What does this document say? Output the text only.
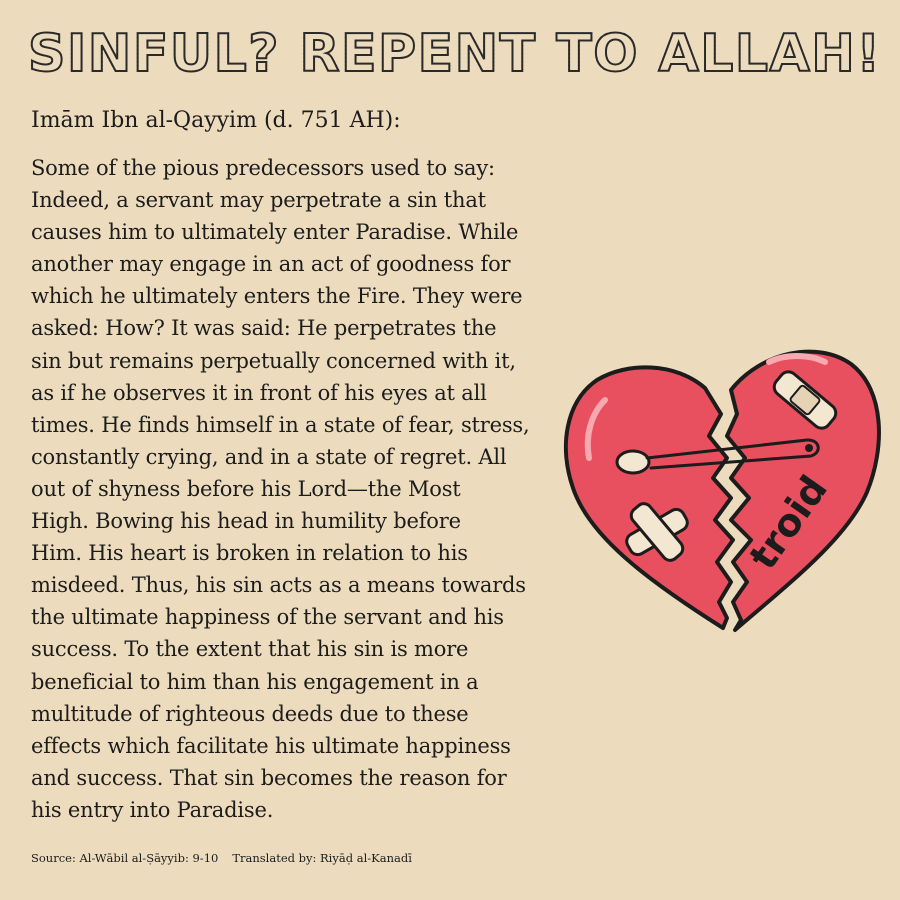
SINFUL? REPENT TO ALLAH!
Imām Ibn al-Qayyim (d. 751 AH):
Some of the pious predecessors used to say:
Indeed, a servant may perpetrate a sin that
causes him to ultimately enter Paradise. While
another may engage in an act of goodness for
which he ultimately enters the Fire. They were
asked: How? It was said: He perpetrates the
sin but remains perpetually concerned with it,
as if he observes it in front of his eyes at all
times. He finds himself in a state of fear, stress,
constantly crying, and in a state of regret. All
out of shyness before his Lord—the Most
High. Bowing his head in humility before
Him. His heart is broken in relation to his
misdeed. Thus, his sin acts as a means towards
the ultimate happiness of the servant and his
success. To the extent that his sin is more
beneficial to him than his engagement in a
multitude of righteous deeds due to these
effects which facilitate his ultimate happiness
and success. That sin becomes the reason for
his entry into Paradise.
Source: Al-Wābil al-Ṣāyyib: 9-10 Translated by: Riyāḍ al-Kanadī
troid
